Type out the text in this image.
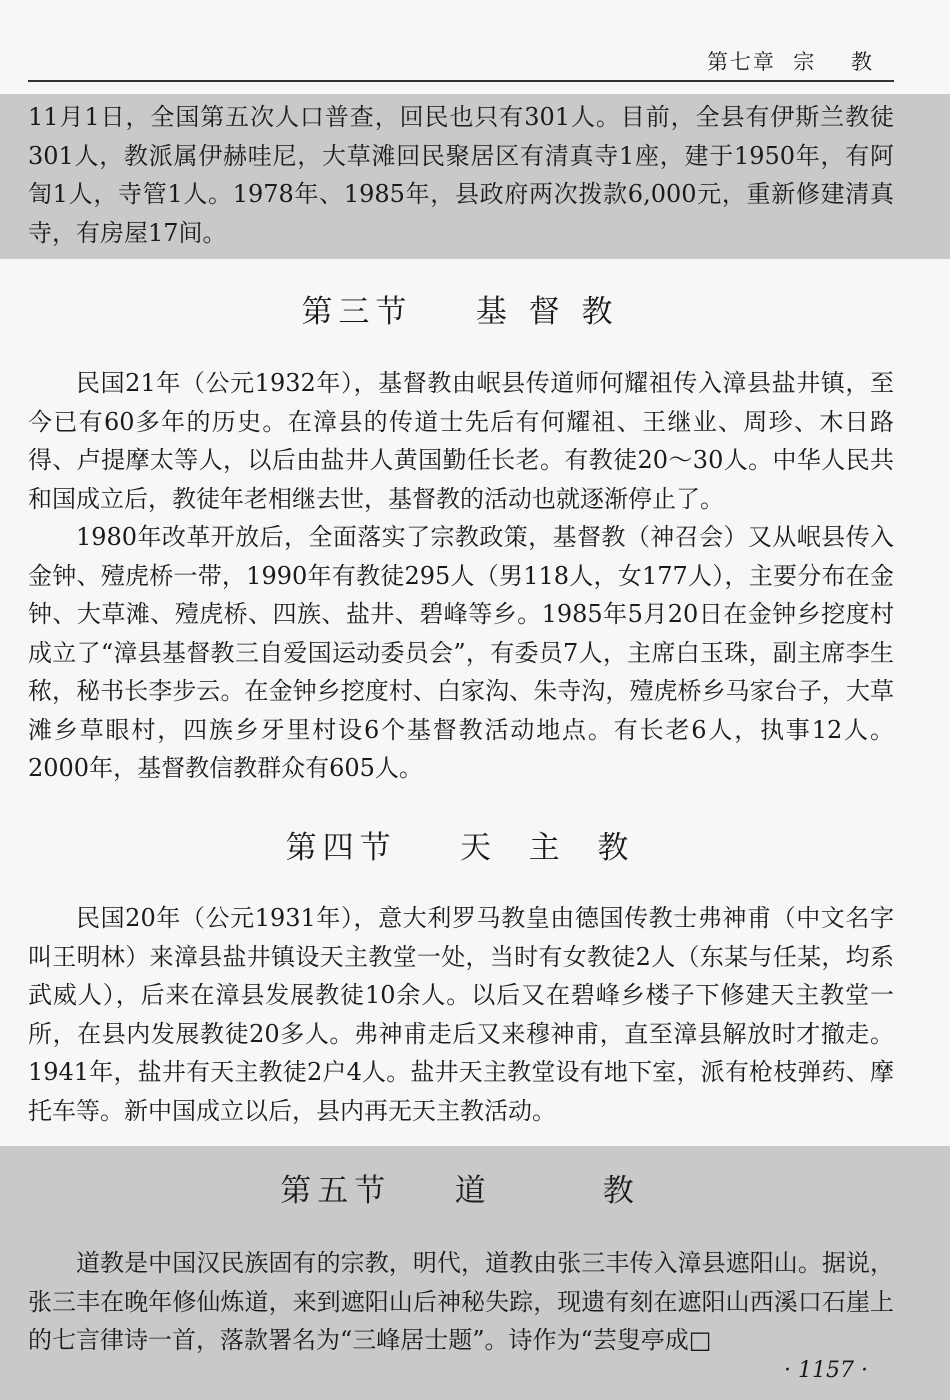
第七章  宗    教

11月1日，全国第五次人口普查，回民也只有301人。目前，全县有伊斯兰教徒301人，教派属伊赫哇尼，大草滩回民聚居区有清真寺1座，建于1950年，有阿訇1人，寺管1人。1978年、1985年，县政府两次拨款6,000元，重新修建清真寺，有房屋17间。

第三节    基 督 教

民国21年（公元1932年），基督教由岷县传道师何耀祖传入漳县盐井镇，至今已有60多年的历史。在漳县的传道士先后有何耀祖、王继业、周珍、木日路得、卢提摩太等人，以后由盐井人黄国勤任长老。有教徒20～30人。中华人民共和国成立后，教徒年老相继去世，基督教的活动也就逐渐停止了。

1980年改革开放后，全面落实了宗教政策，基督教（神召会）又从岷县传入金钟、殪虎桥一带，1990年有教徒295人（男118人，女177人），主要分布在金钟、大草滩、殪虎桥、四族、盐井、碧峰等乡。1985年5月20日在金钟乡挖度村成立了“漳县基督教三自爱国运动委员会”，有委员7人，主席白玉珠，副主席李生秾，秘书长李步云。在金钟乡挖度村、白家沟、朱寺沟，殪虎桥乡马家台子，大草滩乡草眼村，四族乡牙里村设6个基督教活动地点。有长老6人，执事12人。2000年，基督教信教群众有605人。

第四节    天  主  教

民国20年（公元1931年），意大利罗马教皇由德国传教士弗神甫（中文名字叫王明林）来漳县盐井镇设天主教堂一处，当时有女教徒2人（东某与任某，均系武威人），后来在漳县发展教徒10余人。以后又在碧峰乡楼子下修建天主教堂一所，在县内发展教徒20多人。弗神甫走后又来穆神甫，直至漳县解放时才撤走。1941年，盐井有天主教徒2户4人。盐井天主教堂设有地下室，派有枪枝弹药、摩托车等。新中国成立以后，县内再无天主教活动。

第五节    道       教

道教是中国汉民族固有的宗教，明代，道教由张三丰传入漳县遮阳山。据说，张三丰在晚年修仙炼道，来到遮阳山后神秘失踪，现遗有刻在遮阳山西溪口石崖上的七言律诗一首，落款署名为“三峰居士题”。诗作为“芸叟亭成□

· 1157 ·
